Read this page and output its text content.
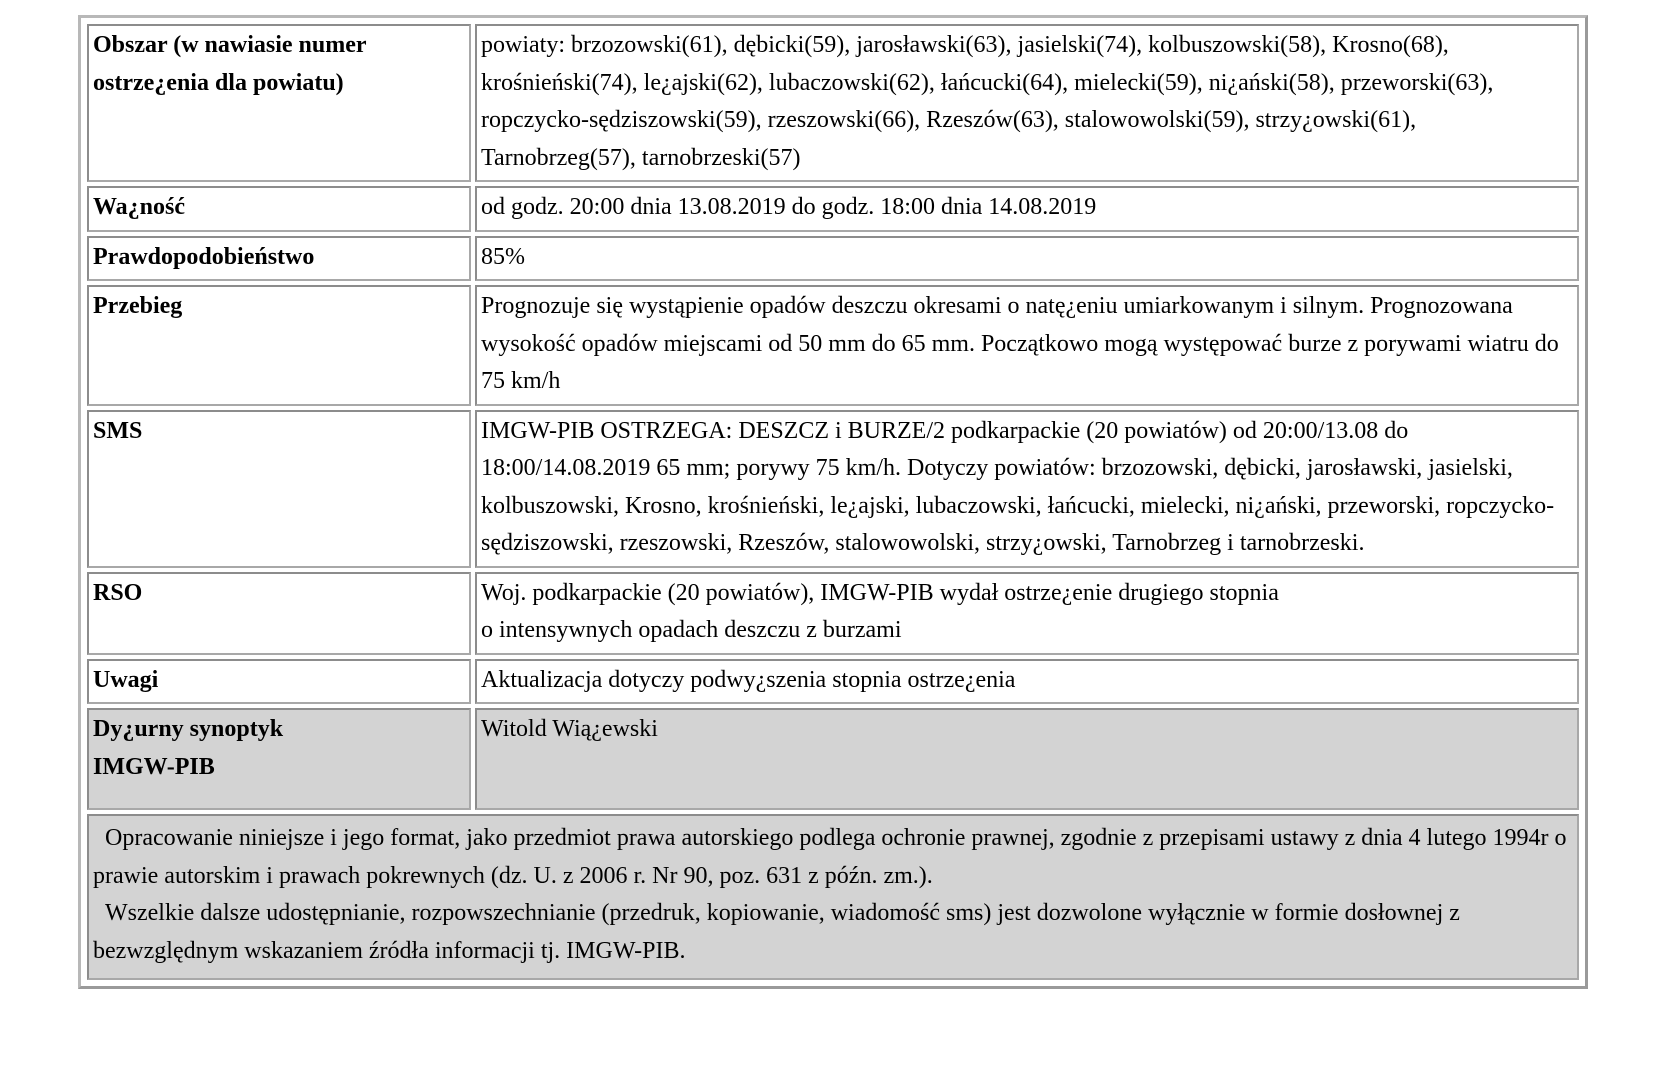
Obszar (w nawiasie numer
ostrze¿enia dla powiatu)	powiaty: brzozowski(61), dębicki(59), jarosławski(63), jasielski(74), kolbuszowski(58), Krosno(68), krośnieński(74), le¿ajski(62), lubaczowski(62), łańcucki(64), mielecki(59), ni¿ański(58), przeworski(63), ropczycko-sędziszowski(59), rzeszowski(66), Rzeszów(63), stalowowolski(59), strzy¿owski(61), Tarnobrzeg(57), tarnobrzeski(57)
Wa¿ność	od godz. 20:00 dnia 13.08.2019 do godz. 18:00 dnia 14.08.2019
Prawdopodobieństwo	85%
Przebieg	Prognozuje się wystąpienie opadów deszczu okresami o natę¿eniu umiarkowanym i silnym. Prognozowana wysokość opadów miejscami od 50 mm do 65 mm. Początkowo mogą występować burze z porywami wiatru do 75 km/h
SMS	IMGW-PIB OSTRZEGA: DESZCZ i BURZE/2 podkarpackie (20 powiatów) od 20:00/13.08 do 18:00/14.08.2019 65 mm; porywy 75 km/h. Dotyczy powiatów: brzozowski, dębicki, jarosławski, jasielski, kolbuszowski, Krosno, krośnieński, le¿ajski, lubaczowski, łańcucki, mielecki, ni¿ański, przeworski, ropczycko-sędziszowski, rzeszowski, Rzeszów, stalowowolski, strzy¿owski, Tarnobrzeg i tarnobrzeski.
RSO	Woj. podkarpackie (20 powiatów), IMGW-PIB wydał ostrze¿enie drugiego stopnia
o intensywnych opadach deszczu z burzami

Uwagi	Aktualizacja dotyczy podwy¿szenia stopnia ostrze¿enia

Dy¿urny synoptyk
IMGW-PIB	Witold Wią¿ewski

Opracowanie niniejsze i jego format, jako przedmiot prawa autorskiego podlega ochronie prawnej, zgodnie z przepisami ustawy z dnia 4 lutego 1994r o prawie autorskim i prawach pokrewnych (dz. U. z 2006 r. Nr 90, poz. 631 z późn. zm.).

Wszelkie dalsze udostępnianie, rozpowszechnianie (przedruk, kopiowanie, wiadomość sms) jest dozwolone wyłącznie w formie dosłownej z bezwzględnym wskazaniem źródła informacji tj. IMGW-PIB.	
